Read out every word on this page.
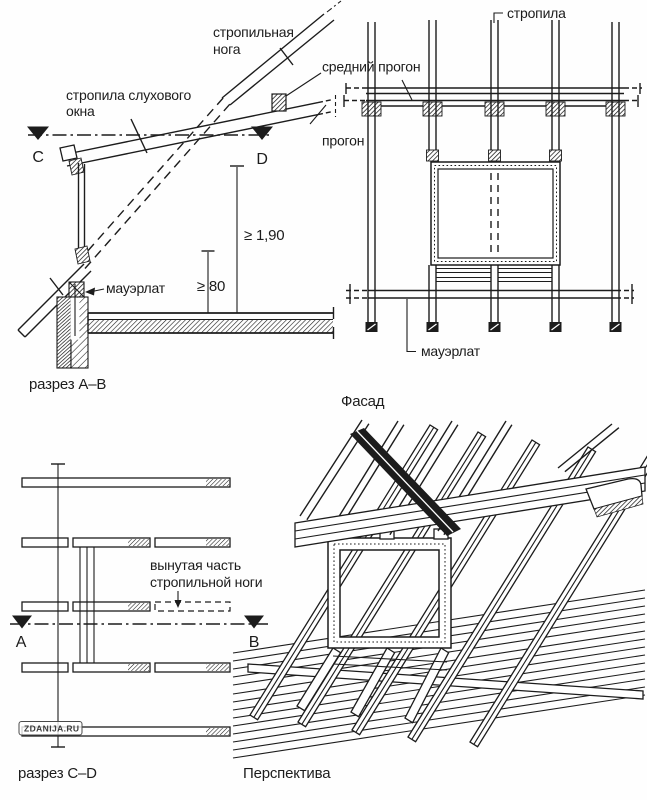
C	D
≥ 1,90
≥ 80
стропильная
нога
стропила слухового
окна
мауэрлат
разрез А–В
стропила
средний прогон
прогон
мауэрлат
Фасад
A	B
вынутая часть
стропильной ноги
разрез C–D
ZDANIJA.RU
Перспектива
